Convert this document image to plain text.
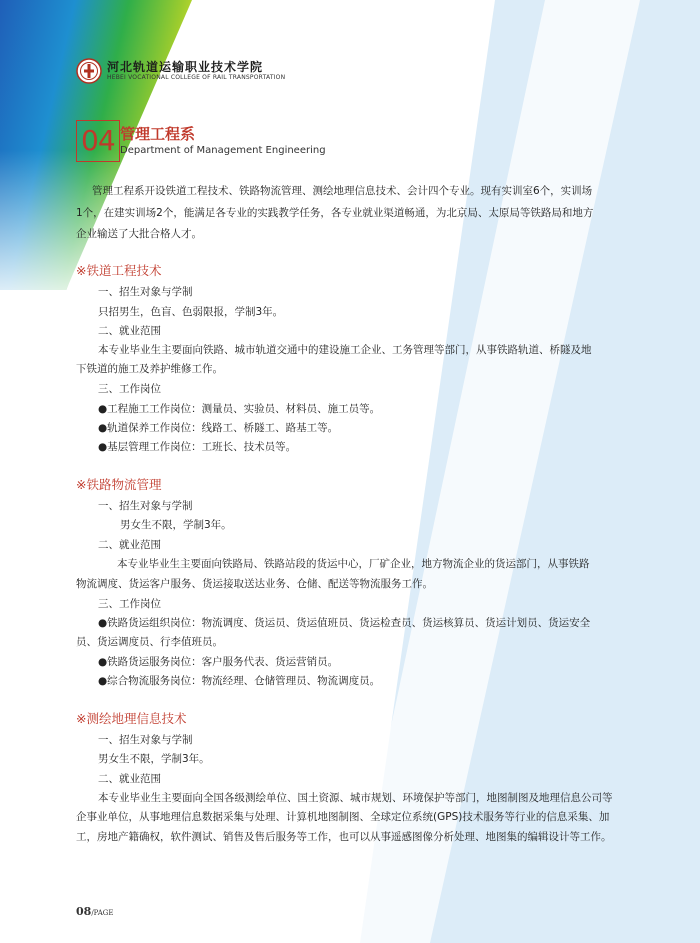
河北轨道运输职业技术学院
HEBEI VOCATIONAL COLLEGE OF RAIL TRANSPORTATION
04 管理工程系
Department of Management Engineering
管理工程系开设铁道工程技术、铁路物流管理、测绘地理信息技术、会计四个专业。现有实训室6个，实训场
1个，在建实训场2个，能满足各专业的实践教学任务，各专业就业渠道畅通，为北京局、太原局等铁路局和地方
企业输送了大批合格人才。
※铁道工程技术
一、招生对象与学制
只招男生，色盲、色弱限报，学制3年。
二、就业范围
本专业毕业生主要面向铁路、城市轨道交通中的建设施工企业、工务管理等部门，从事铁路轨道、桥隧及地
下铁道的施工及养护维修工作。
三、工作岗位
●工程施工工作岗位：测量员、实验员、材料员、施工员等。
●轨道保养工作岗位：线路工、桥隧工、路基工等。
●基层管理工作岗位：工班长、技术员等。
※铁路物流管理
一、招生对象与学制
男女生不限，学制3年。
二、就业范围
本专业毕业生主要面向铁路局、铁路站段的货运中心，厂矿企业，地方物流企业的货运部门，从事铁路
物流调度、货运客户服务、货运接取送达业务、仓储、配送等物流服务工作。
三、工作岗位
●铁路货运组织岗位：物流调度、货运员、货运值班员、货运检查员、货运核算员、货运计划员、货运安全
员、货运调度员、行李值班员。
●铁路货运服务岗位：客户服务代表、货运营销员。
●综合物流服务岗位：物流经理、仓储管理员、物流调度员。
※测绘地理信息技术
一、招生对象与学制
男女生不限，学制3年。
二、就业范围
本专业毕业生主要面向全国各级测绘单位、国土资源、城市规划、环境保护等部门，地图制图及地理信息公司等
企事业单位，从事地理信息数据采集与处理、计算机地图制图、全球定位系统(GPS)技术服务等行业的信息采集、加
工，房地产籍确权，软件测试、销售及售后服务等工作，也可以从事遥感图像分析处理、地图集的编辑设计等工作。
08/PAGE
